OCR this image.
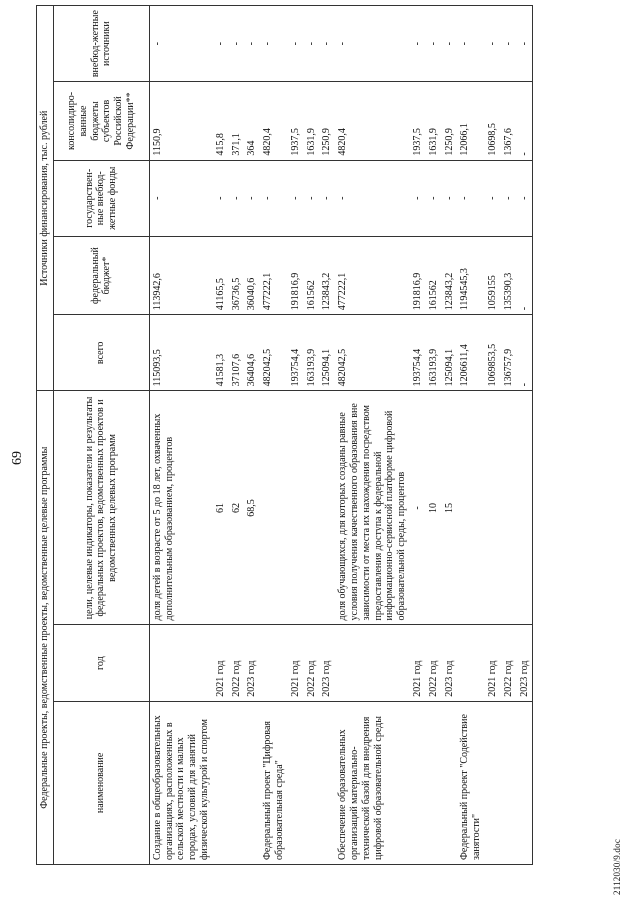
69 Федеральные проекты, ведомственные проекты, ведомственные целевые программы			Источники финансирования, тыс. рублей				
наименование	год	цели, целевые индикаторы, показатели и результаты федеральных проектов, ведомственных проектов и ведомственных целевых программ	всего	федеральный бюджет*	государствен-ные внебюд-жетные фонды	консолидиро-ванные бюджеты субъектов Российской Федерации**	внебюд-жетные источники
Создание в общеобразовательных организациях, расположенных в сельской местности и малых городах, условий для занятий физической культурой и спортом		доля детей в возрасте от 5 до 18 лет, охваченных дополнительным образованием, процентов	115093,5	113942,6	-	1150,9	-
	2021 год	61	41581,3	41165,5	-	415,8	-
	2022 год	62	37107,6	36736,5	-	371,1	-
	2023 год	68,5	36404,6	36040,6	-	364	-
Федеральный проект "Цифровая образовательная среда"			482042,5	477222,1	-	4820,4	-
	2021 год		193754,4	191816,9	-	1937,5	-
	2022 год		163193,9	161562	-	1631,9	-
	2023 год		125094,1	123843,2	-	1250,9	-
Обеспечение образовательных организаций материально-технической базой для внедрения цифровой образовательной среды		доля обучающихся, для которых созданы равные условия получения качественного образования вне зависимости от места их нахождения посредством предоставления доступа к федеральной информационно-сервисной платформе цифровой образовательной среды, процентов	482042,5	477222,1	-	4820,4	-
	2021 год	-	193754,4	191816,9	-	1937,5	-
	2022 год	10	163193,9	161562	-	1631,9	-
	2023 год	15	125094,1	123843,2	-	1250,9	-
Федеральный проект "Содействие занятости"			1206611,4	1194545,3	-	12066,1	-
	2021 год		1069853,5	1059155	-	10698,5	-
	2022 год		136757,9	135390,3	-	1367,6	-
	2023 год		-	-	-	-	-
2112030/9.doc
